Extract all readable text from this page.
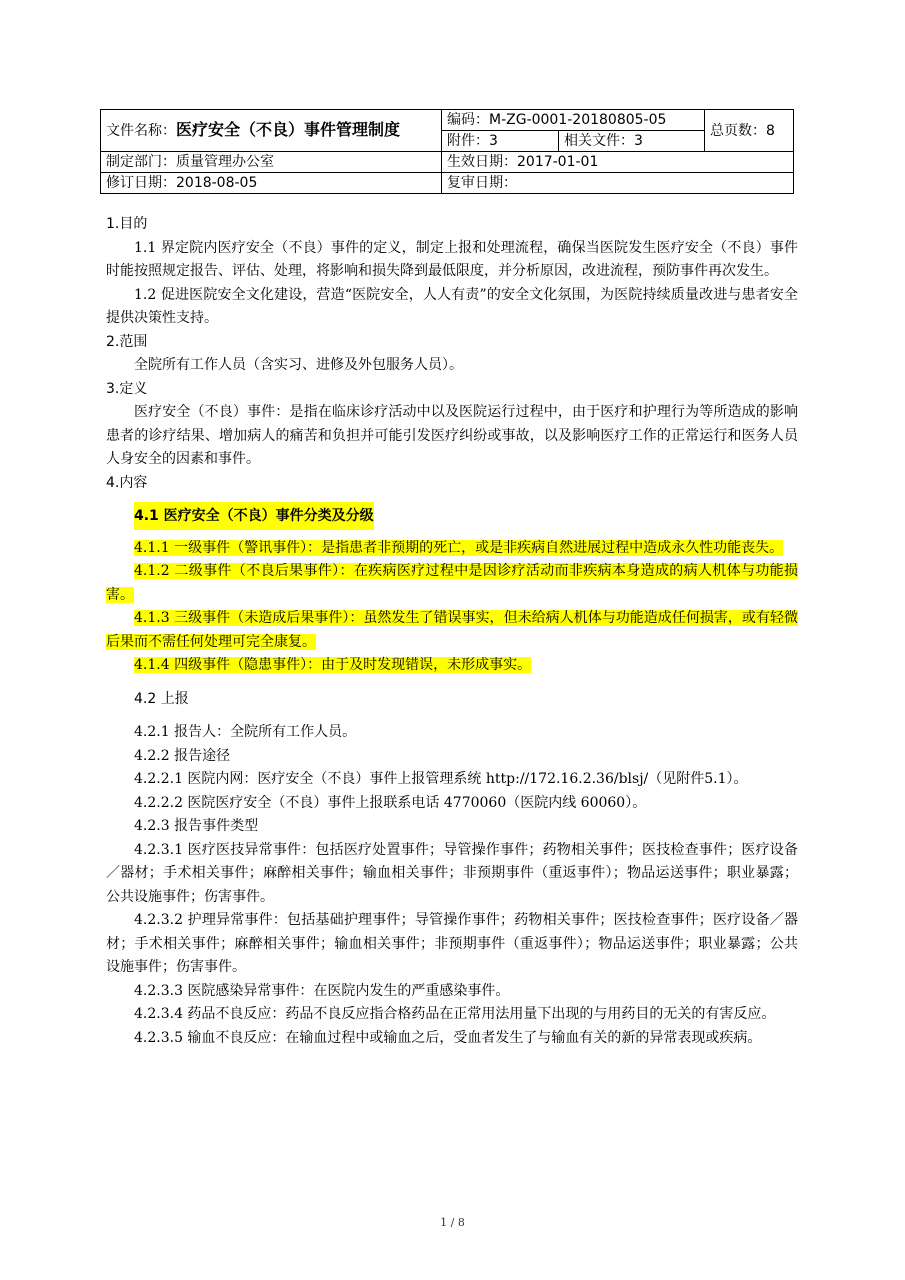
文件名称：医疗安全（不良）事件管理制度	编码：M-ZG-0001-20180805-05		总页数：8
	附件：3	相关文件：3	
制定部门：质量管理办公室	生效日期：2017-01-01		
修订日期：2018-08-05	复审日期：		

1.目的

1.1 界定院内医疗安全（不良）事件的定义，制定上报和处理流程，确保当医院发生医疗安全（不良）事件时能按照规定报告、评估、处理，将影响和损失降到最低限度，并分析原因，改进流程，预防事件再次发生。

1.2 促进医院安全文化建设，营造“医院安全，人人有责”的安全文化氛围，为医院持续质量改进与患者安全提供决策性支持。

2.范围

全院所有工作人员（含实习、进修及外包服务人员）。

3.定义

医疗安全（不良）事件：是指在临床诊疗活动中以及医院运行过程中，由于医疗和护理行为等所造成的影响患者的诊疗结果、增加病人的痛苦和负担并可能引发医疗纠纷或事故，以及影响医疗工作的正常运行和医务人员人身安全的因素和事件。

4.内容

4.1 医疗安全（不良）事件分类及分级

4.1.1 一级事件（警讯事件）：是指患者非预期的死亡，或是非疾病自然进展过程中造成永久性功能丧失。

4.1.2 二级事件（不良后果事件）：在疾病医疗过程中是因诊疗活动而非疾病本身造成的病人机体与功能损害。

4.1.3 三级事件（未造成后果事件）：虽然发生了错误事实，但未给病人机体与功能造成任何损害，或有轻微后果而不需任何处理可完全康复。

4.1.4 四级事件（隐患事件）：由于及时发现错误，未形成事实。

4.2 上报

4.2.1 报告人：全院所有工作人员。

4.2.2 报告途径

4.2.2.1 医院内网：医疗安全（不良）事件上报管理系统 http://172.16.2.36/blsj/（见附件5.1）。

4.2.2.2 医院医疗安全（不良）事件上报联系电话 4770060（医院内线 60060）。

4.2.3 报告事件类型

4.2.3.1 医疗医技异常事件：包括医疗处置事件；导管操作事件；药物相关事件；医技检查事件；医疗设备／器材；手术相关事件；麻醉相关事件；输血相关事件；非预期事件（重返事件）；物品运送事件；职业暴露；公共设施事件；伤害事件。

4.2.3.2 护理异常事件：包括基础护理事件；导管操作事件；药物相关事件；医技检查事件；医疗设备／器材；手术相关事件；麻醉相关事件；输血相关事件；非预期事件（重返事件）；物品运送事件；职业暴露；公共设施事件；伤害事件。

4.2.3.3 医院感染异常事件：在医院内发生的严重感染事件。

4.2.3.4 药品不良反应：药品不良反应指合格药品在正常用法用量下出现的与用药目的无关的有害反应。

4.2.3.5 输血不良反应：在输血过程中或输血之后，受血者发生了与输血有关的新的异常表现或疾病。

1 / 8
